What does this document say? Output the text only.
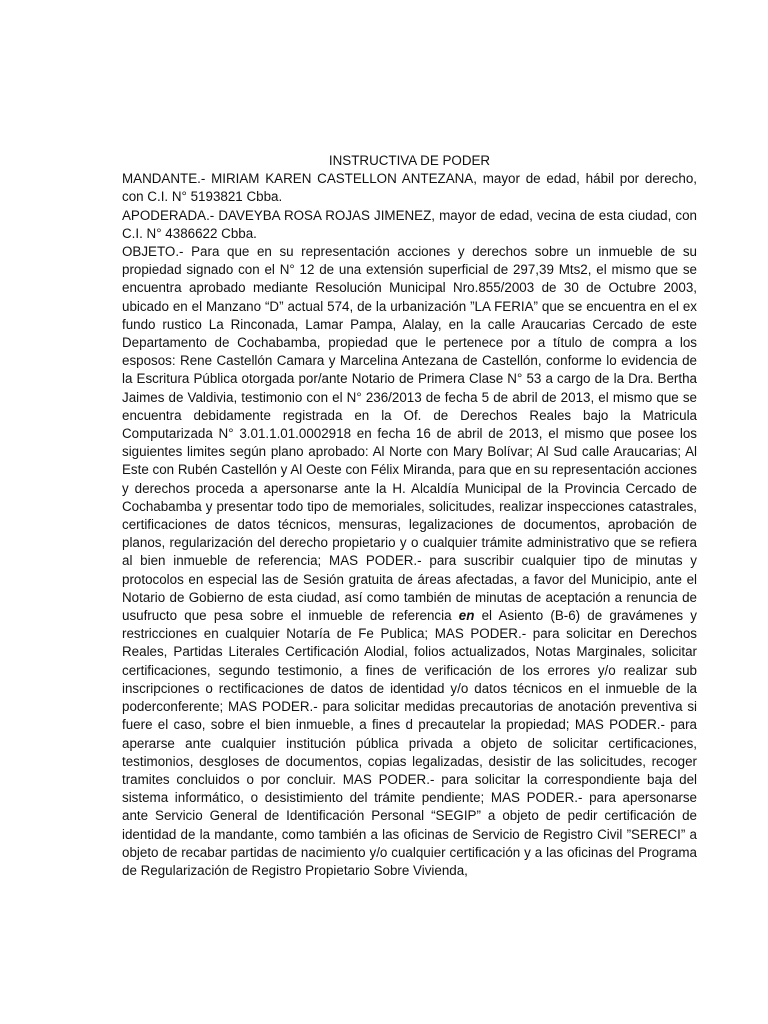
INSTRUCTIVA DE PODER

MANDANTE.- MIRIAM KAREN CASTELLON ANTEZANA, mayor de edad, hábil por derecho, con C.I. N° 5193821 Cbba.

APODERADA.- DAVEYBA ROSA ROJAS JIMENEZ, mayor de edad, vecina de esta ciudad, con C.I. N° 4386622 Cbba.

OBJETO.- Para que en su representación acciones y derechos sobre un inmueble de su propiedad signado con el N° 12 de una extensión superficial de 297,39 Mts2, el mismo que se encuentra aprobado mediante Resolución Municipal Nro.855/2003 de 30 de Octubre 2003, ubicado en el Manzano “D” actual 574, de la urbanización ”LA FERIA” que se encuentra en el ex fundo rustico La Rinconada, Lamar Pampa, Alalay, en la calle Araucarias Cercado de este Departamento de Cochabamba, propiedad que le pertenece por a título de compra a los esposos: Rene Castellón Camara y Marcelina Antezana de Castellón, conforme lo evidencia de la Escritura Pública otorgada por/ante Notario de Primera Clase N° 53 a cargo de la Dra. Bertha Jaimes de Valdivia, testimonio con el N° 236/2013 de fecha 5 de abril de 2013, el mismo que se encuentra debidamente registrada en la Of. de Derechos Reales bajo la Matricula Computarizada N° 3.01.1.01.0002918 en fecha 16 de abril de 2013, el mismo que posee los siguientes limites según plano aprobado: Al Norte con Mary Bolívar; Al Sud calle Araucarias; Al Este con Rubén Castellón y Al Oeste con Félix Miranda, para que en su representación acciones y derechos proceda a apersonarse ante la H. Alcaldía Municipal de la Provincia Cercado de Cochabamba y presentar todo tipo de memoriales, solicitudes, realizar inspecciones catastrales, certificaciones de datos técnicos, mensuras, legalizaciones de documentos, aprobación de planos, regularización del derecho propietario y o cualquier trámite administrativo que se refiera al bien inmueble de referencia; MAS PODER.- para suscribir cualquier tipo de minutas y protocolos en especial las de Sesión gratuita de áreas afectadas, a favor del Municipio, ante el Notario de Gobierno de esta ciudad, así como también de minutas de aceptación a renuncia de usufructo que pesa sobre el inmueble de referencia en el Asiento (B-6) de gravámenes y restricciones en cualquier Notaría de Fe Publica; MAS PODER.- para solicitar en Derechos Reales, Partidas Literales Certificación Alodial, folios actualizados, Notas Marginales, solicitar certificaciones, segundo testimonio, a fines de verificación de los errores y/o realizar sub inscripciones o rectificaciones de datos de identidad y/o datos técnicos en el inmueble de la poderconferente; MAS PODER.- para solicitar medidas precautorias de anotación preventiva si fuere el caso, sobre el bien inmueble, a fines d precautelar la propiedad; MAS PODER.- para aperarse ante cualquier institución pública privada a objeto de solicitar certificaciones, testimonios, desgloses de documentos, copias legalizadas, desistir de las solicitudes, recoger tramites concluidos o por concluir. MAS PODER.- para solicitar la correspondiente baja del sistema informático, o desistimiento del trámite pendiente; MAS PODER.- para apersonarse ante Servicio General de Identificación Personal “SEGIP” a objeto de pedir certificación de identidad de la mandante, como también a las oficinas de Servicio de Registro Civil ”SERECI” a objeto de recabar partidas de nacimiento y/o cualquier certificación y a las oficinas del Programa de Regularización de Registro Propietario Sobre Vivienda,
